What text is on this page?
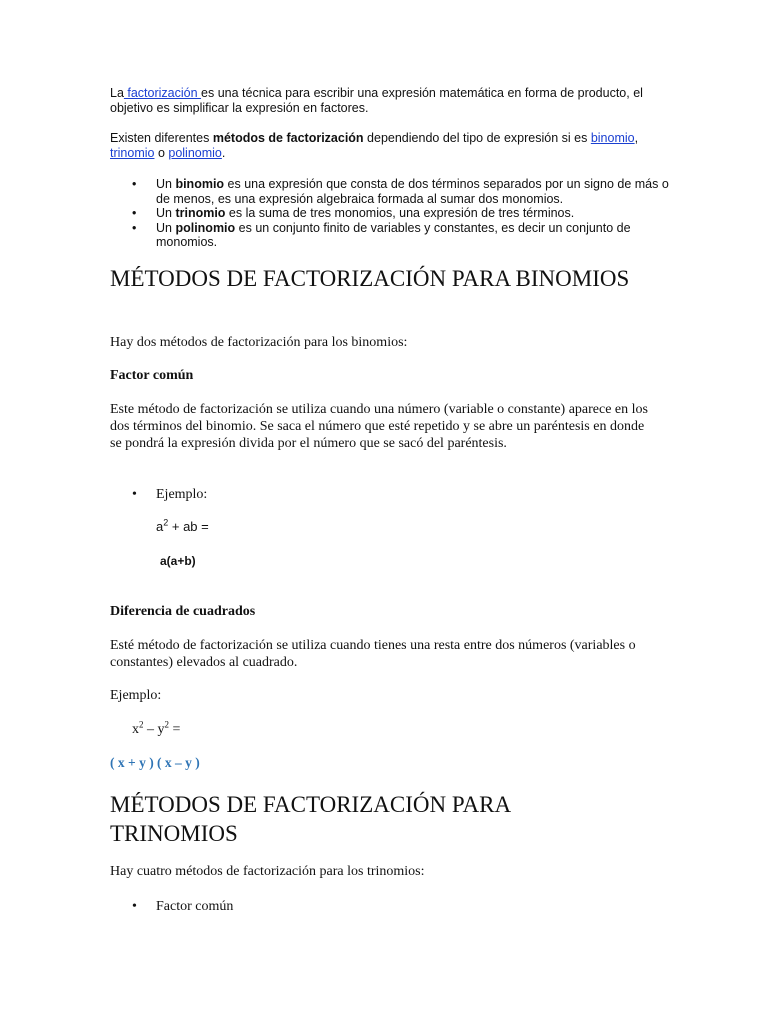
La factorización es una técnica para escribir una expresión matemática en forma de producto, el objetivo es simplificar la expresión en factores.

Existen diferentes métodos de factorización dependiendo del tipo de expresión si es binomio,
trinomio o polinomio.

• Un binomio es una expresión que consta de dos términos separados por un signo de más o de menos, es una expresión algebraica formada al sumar dos monomios.
• Un trinomio es la suma de tres monomios, una expresión de tres términos.
• Un polinomio es un conjunto finito de variables y constantes, es decir un conjunto de monomios.
MÉTODOS DE FACTORIZACIÓN PARA BINOMIOS

Hay dos métodos de factorización para los binomios:

Factor común

Este método de factorización se utiliza cuando una número (variable o constante) aparece en los dos términos del binomio. Se saca el número que esté repetido y se abre un paréntesis en donde se pondrá la expresión divida por el número que se sacó del paréntesis.

• Ejemplo:

$a^2$ + ab =

a(a+b)

Diferencia de cuadrados

Esté método de factorización se utiliza cuando tienes una resta entre dos números (variables o constantes) elevados al cuadrado.

Ejemplo:

$x^2 - y^2$ =

( x + y ) ( x – y )

MÉTODOS DE FACTORIZACIÓN PARA TRINOMIOS

Hay cuatro métodos de factorización para los trinomios:

• Factor común
